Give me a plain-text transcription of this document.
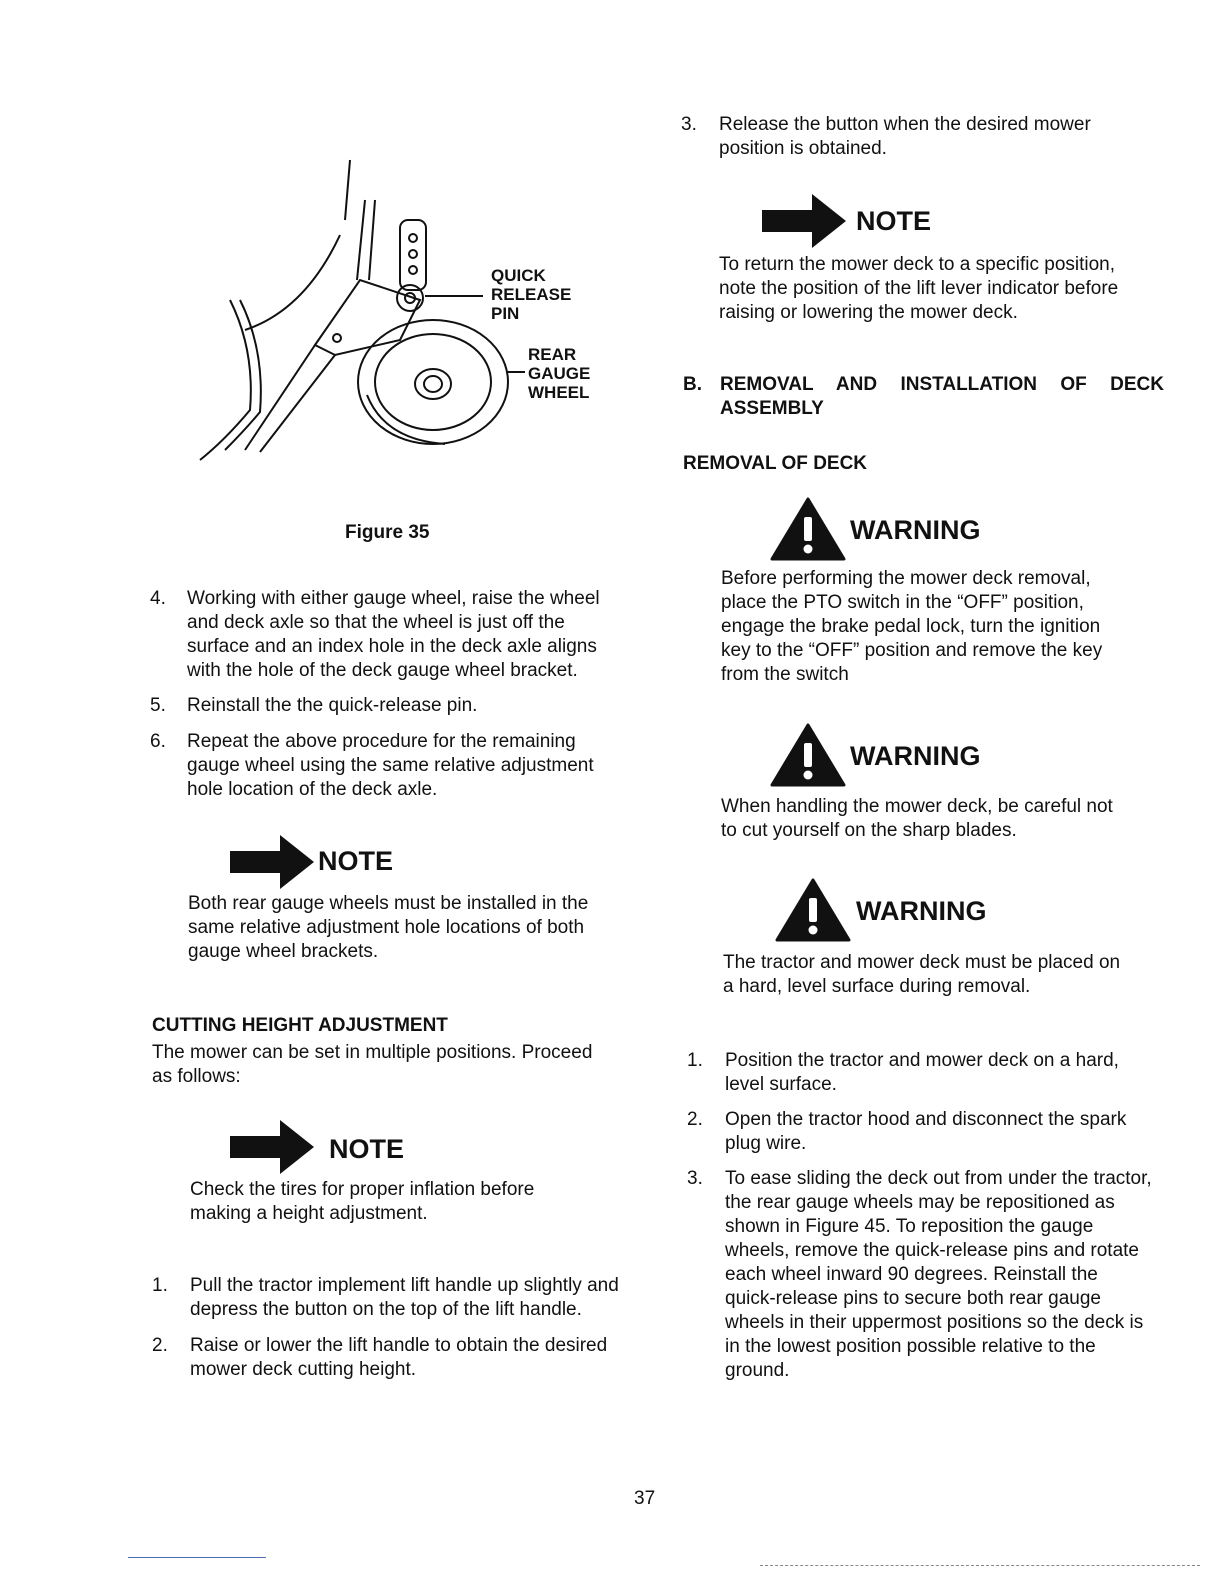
QUICK
RELEASE
PIN
REAR
GAUGE
WHEEL
Figure 35
4. Working with either gauge wheel, raise the wheel
and deck axle so that the wheel is just off the
surface and an index hole in the deck axle aligns
with the hole of the deck gauge wheel bracket.
5. Reinstall the the quick-release pin.
6. Repeat the above procedure for the remaining
gauge wheel using the same relative adjustment
hole location of the deck axle.
NOTE
Both rear gauge wheels must be installed in the
same relative adjustment hole locations of both
gauge wheel brackets.
CUTTING HEIGHT ADJUSTMENT
The mower can be set in multiple positions. Proceed
as follows:
NOTE
Check the tires for proper inflation before
making a height adjustment.
1. Pull the tractor implement lift handle up slightly and
depress the button on the top of the lift handle.
2. Raise or lower the lift handle to obtain the desired
mower deck cutting height.
3. Release the button when the desired mower
position is obtained.
NOTE
To return the mower deck to a specific position,
note the position of the lift lever indicator before
raising or lowering the mower deck.
B. REMOVAL AND INSTALLATION OF DECK
ASSEMBLY
REMOVAL OF DECK
WARNING
Before performing the mower deck removal,
place the PTO switch in the “OFF” position,
engage the brake pedal lock, turn the ignition
key to the “OFF” position and remove the key
from the switch
WARNING
When handling the mower deck, be careful not
to cut yourself on the sharp blades.
WARNING
The tractor and mower deck must be placed on
a hard, level surface during removal.
1. Position the tractor and mower deck on a hard,
level surface.
2. Open the tractor hood and disconnect the spark
plug wire.
3. To ease sliding the deck out from under the tractor,
the rear gauge wheels may be repositioned as
shown in Figure 45. To reposition the gauge
wheels, remove the quick-release pins and rotate
each wheel inward 90 degrees. Reinstall the
quick-release pins to secure both rear gauge
wheels in their uppermost positions so the deck is
in the lowest position possible relative to the
ground.
37
